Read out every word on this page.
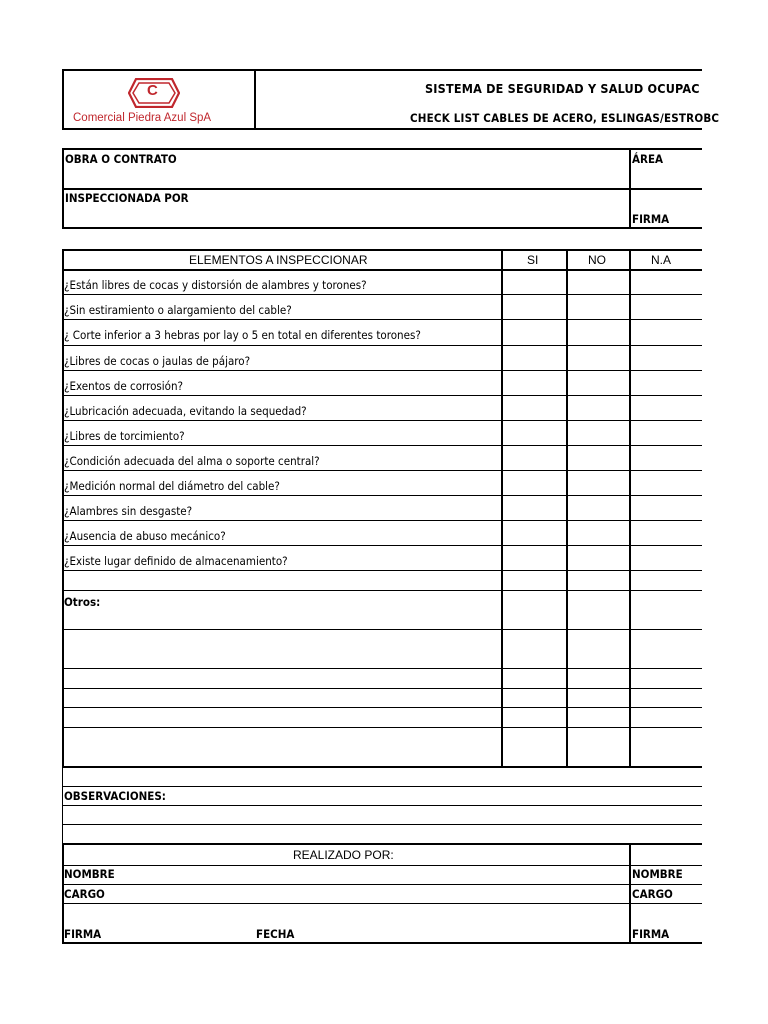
C
Comercial Piedra Azul SpA
SISTEMA DE SEGURIDAD Y SALUD OCUPAC
CHECK LIST CABLES DE ACERO, ESLINGAS/ESTROBC
OBRA O CONTRATO	ÁREA
INSPECCIONADA POR
FIRMA
ELEMENTOS A INSPECCIONAR	SI	NO	N.A
¿Están libres de cocas y distorsión de alambres y torones?
¿Sin estiramiento o alargamiento del cable?
¿ Corte inferior a 3 hebras por lay o 5 en total en diferentes torones?
¿Libres de cocas o jaulas de pájaro?
¿Exentos de corrosión?
¿Lubricación adecuada, evitando la sequedad?
¿Libres de torcimiento?
¿Condición adecuada del alma o soporte central?
¿Medición normal del diámetro del cable?
¿Alambres sin desgaste?
¿Ausencia de abuso mecánico?
¿Existe lugar definido de almacenamiento?
Otros:
OBSERVACIONES:
REALIZADO POR:
NOMBRE	NOMBRE
CARGO	CARGO
FIRMA	FECHA	FIRMA
